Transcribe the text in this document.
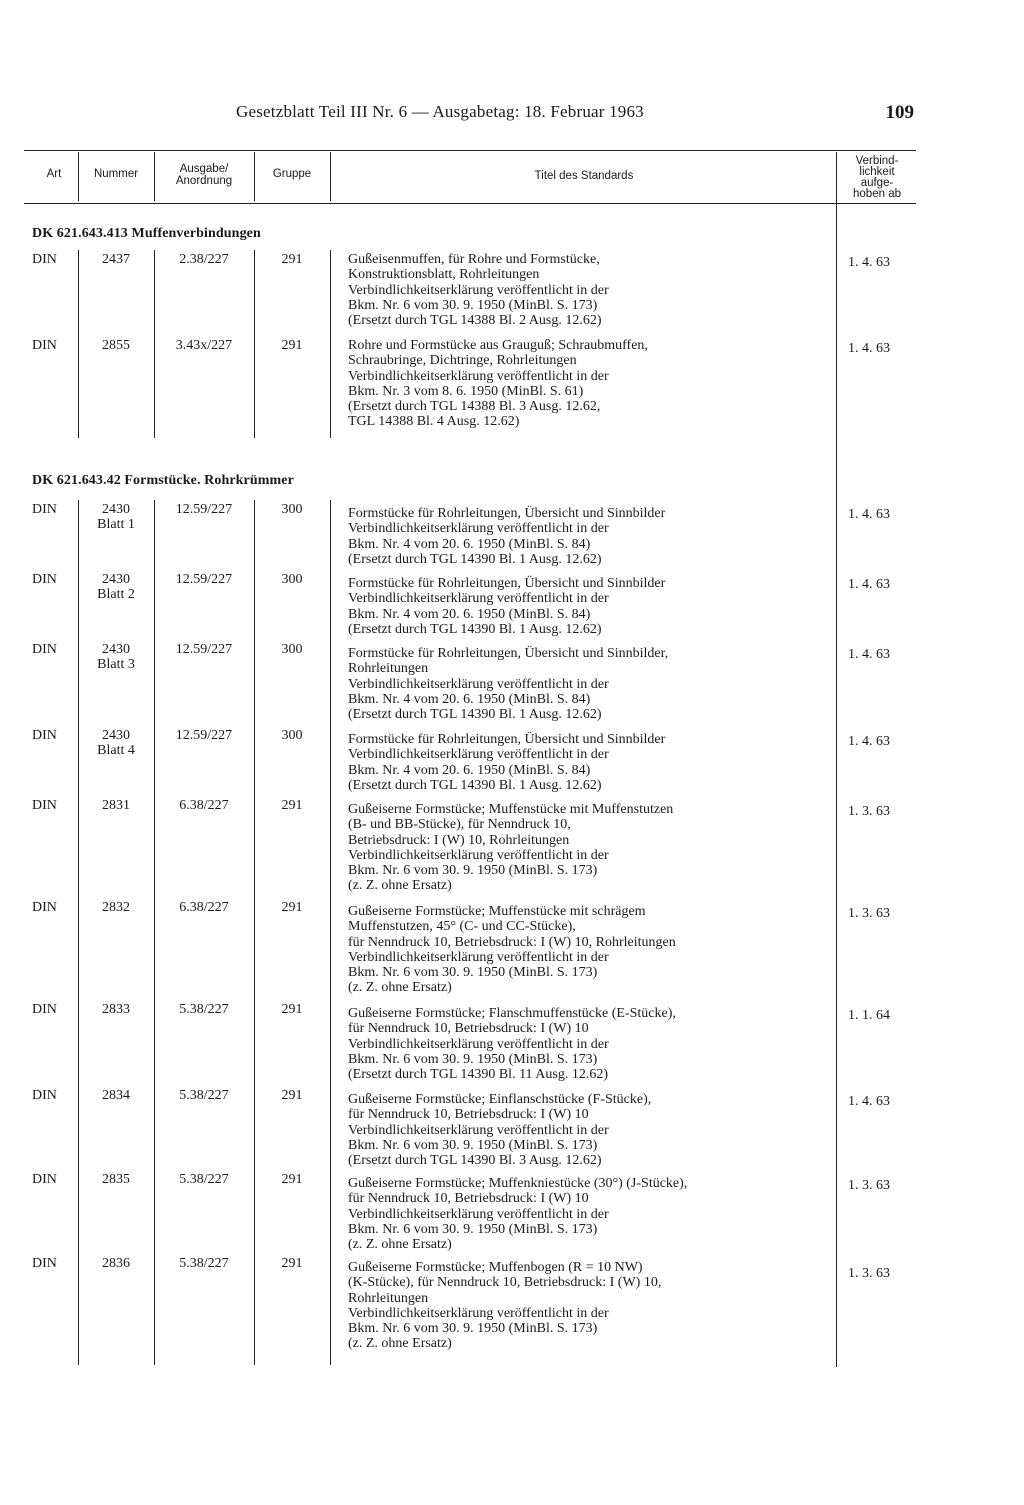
Gesetzblatt Teil III Nr. 6 — Ausgabetag: 18. Februar 1963	109
Art	Nummer	Ausgabe/
Anordnung
Gruppe	Titel des Standards
Verbind-
lichkeit
aufge-
hoben ab
DK 621.643.413 Muffenverbindungen
DK 621.643.42 Formstücke. Rohrkrümmer
DIN	2437	2.38/227	291	Gußeisenmuffen, für Rohre und Formstücke,
Konstruktionsblatt, Rohrleitungen
Verbindlichkeitserklärung veröffentlicht in der
Bkm. Nr. 6 vom 30. 9. 1950 (MinBl. S. 173)
(Ersetzt durch TGL 14388 Bl. 2 Ausg. 12.62)
1. 4. 63
DIN	2855	3.43x/227	291	Rohre und Formstücke aus Grauguß; Schraubmuffen,
Schraubringe, Dichtringe, Rohrleitungen
Verbindlichkeitserklärung veröffentlicht in der
Bkm. Nr. 3 vom 8. 6. 1950 (MinBl. S. 61)
(Ersetzt durch TGL 14388 Bl. 3 Ausg. 12.62,
TGL 14388 Bl. 4 Ausg. 12.62)
1. 4. 63
DIN	2430
Blatt 1
12.59/227	300	Formstücke für Rohrleitungen, Übersicht und Sinnbilder
Verbindlichkeitserklärung veröffentlicht in der
Bkm. Nr. 4 vom 20. 6. 1950 (MinBl. S. 84)
(Ersetzt durch TGL 14390 Bl. 1 Ausg. 12.62)
1. 4. 63
DIN	2430
Blatt 2
12.59/227	300	Formstücke für Rohrleitungen, Übersicht und Sinnbilder
Verbindlichkeitserklärung veröffentlicht in der
Bkm. Nr. 4 vom 20. 6. 1950 (MinBl. S. 84)
(Ersetzt durch TGL 14390 Bl. 1 Ausg. 12.62)
1. 4. 63
DIN	2430
Blatt 3
12.59/227	300	Formstücke für Rohrleitungen, Übersicht und Sinnbilder,
Rohrleitungen
Verbindlichkeitserklärung veröffentlicht in der
Bkm. Nr. 4 vom 20. 6. 1950 (MinBl. S. 84)
(Ersetzt durch TGL 14390 Bl. 1 Ausg. 12.62)
1. 4. 63
DIN	2430
Blatt 4
12.59/227	300	Formstücke für Rohrleitungen, Übersicht und Sinnbilder
Verbindlichkeitserklärung veröffentlicht in der
Bkm. Nr. 4 vom 20. 6. 1950 (MinBl. S. 84)
(Ersetzt durch TGL 14390 Bl. 1 Ausg. 12.62)
1. 4. 63
DIN	2831	6.38/227	291	Gußeiserne Formstücke; Muffenstücke mit Muffenstutzen
(B- und BB-Stücke), für Nenndruck 10,
Betriebsdruck: I (W) 10, Rohrleitungen
Verbindlichkeitserklärung veröffentlicht in der
Bkm. Nr. 6 vom 30. 9. 1950 (MinBl. S. 173)
(z. Z. ohne Ersatz)
1. 3. 63
DIN	2832	6.38/227	291	Gußeiserne Formstücke; Muffenstücke mit schrägem
Muffenstutzen, 45° (C- und CC-Stücke),
für Nenndruck 10, Betriebsdruck: I (W) 10, Rohrleitungen
Verbindlichkeitserklärung veröffentlicht in der
Bkm. Nr. 6 vom 30. 9. 1950 (MinBl. S. 173)
(z. Z. ohne Ersatz)
1. 3. 63
DIN	2833	5.38/227	291	Gußeiserne Formstücke; Flanschmuffenstücke (E-Stücke),
für Nenndruck 10, Betriebsdruck: I (W) 10
Verbindlichkeitserklärung veröffentlicht in der
Bkm. Nr. 6 vom 30. 9. 1950 (MinBl. S. 173)
(Ersetzt durch TGL 14390 Bl. 11 Ausg. 12.62)
1. 1. 64
DIN	2834	5.38/227	291	Gußeiserne Formstücke; Einflanschstücke (F-Stücke),
für Nenndruck 10, Betriebsdruck: I (W) 10
Verbindlichkeitserklärung veröffentlicht in der
Bkm. Nr. 6 vom 30. 9. 1950 (MinBl. S. 173)
(Ersetzt durch TGL 14390 Bl. 3 Ausg. 12.62)
1. 4. 63
DIN	2835	5.38/227	291	Gußeiserne Formstücke; Muffenkniestücke (30°) (J-Stücke),
für Nenndruck 10, Betriebsdruck: I (W) 10
Verbindlichkeitserklärung veröffentlicht in der
Bkm. Nr. 6 vom 30. 9. 1950 (MinBl. S. 173)
(z. Z. ohne Ersatz)
1. 3. 63
DIN	2836	5.38/227	291	Gußeiserne Formstücke; Muffenbogen (R = 10 NW)
(K-Stücke), für Nenndruck 10, Betriebsdruck: I (W) 10,
Rohrleitungen
Verbindlichkeitserklärung veröffentlicht in der
Bkm. Nr. 6 vom 30. 9. 1950 (MinBl. S. 173)
(z. Z. ohne Ersatz)
1. 3. 63
